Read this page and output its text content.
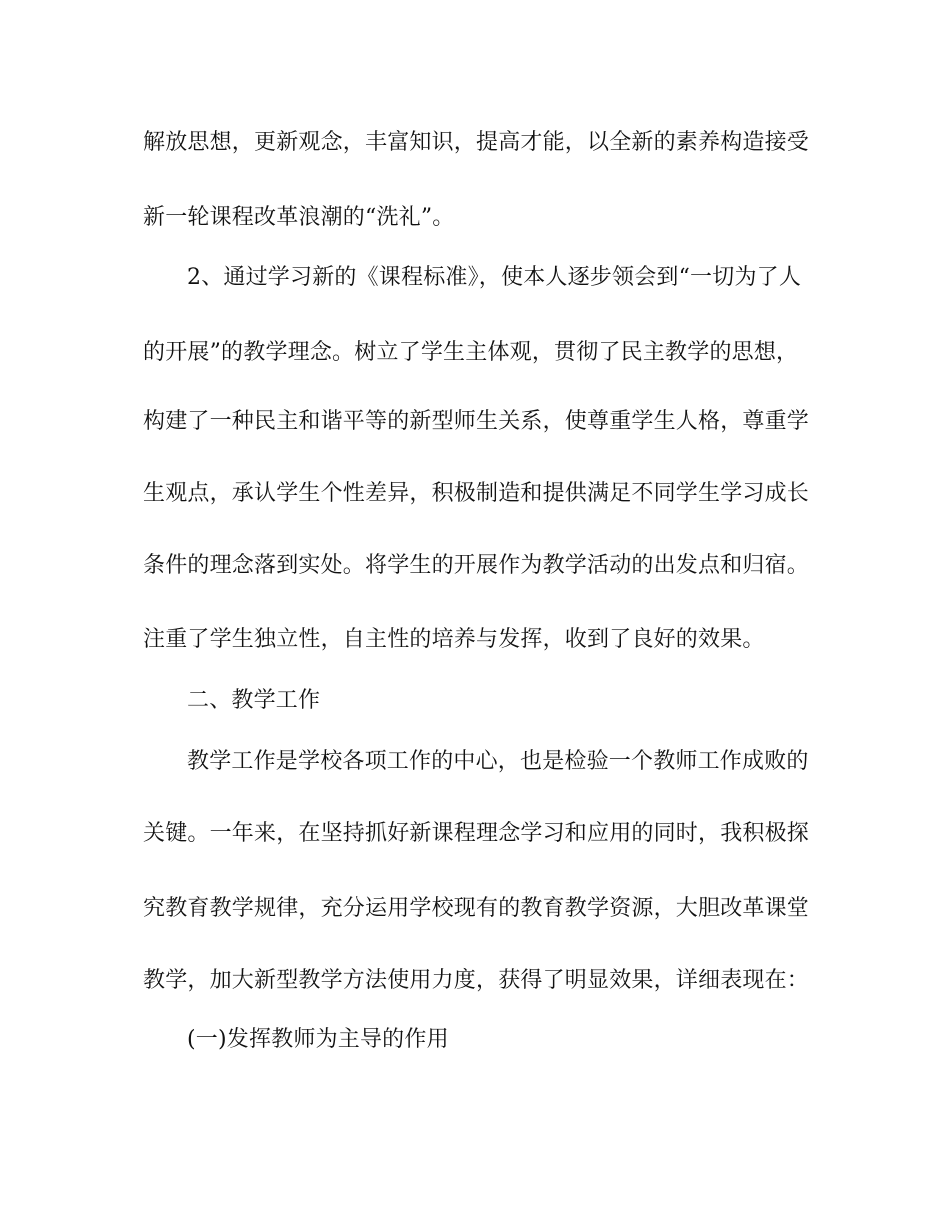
解放思想，更新观念，丰富知识，提高才能，以全新的素养构造接受
新一轮课程改革浪潮的“洗礼”。
2、通过学习新的《课程标准》，使本人逐步领会到“一切为了人
的开展”的教学理念。树立了学生主体观，贯彻了民主教学的思想，
构建了一种民主和谐平等的新型师生关系，使尊重学生人格，尊重学
生观点，承认学生个性差异，积极制造和提供满足不同学生学习成长
条件的理念落到实处。将学生的开展作为教学活动的出发点和归宿。
注重了学生独立性，自主性的培养与发挥，收到了良好的效果。
二、教学工作
教学工作是学校各项工作的中心，也是检验一个教师工作成败的
关键。一年来，在坚持抓好新课程理念学习和应用的同时，我积极探
究教育教学规律，充分运用学校现有的教育教学资源，大胆改革课堂
教学，加大新型教学方法使用力度，获得了明显效果，详细表现在：
(一)发挥教师为主导的作用
